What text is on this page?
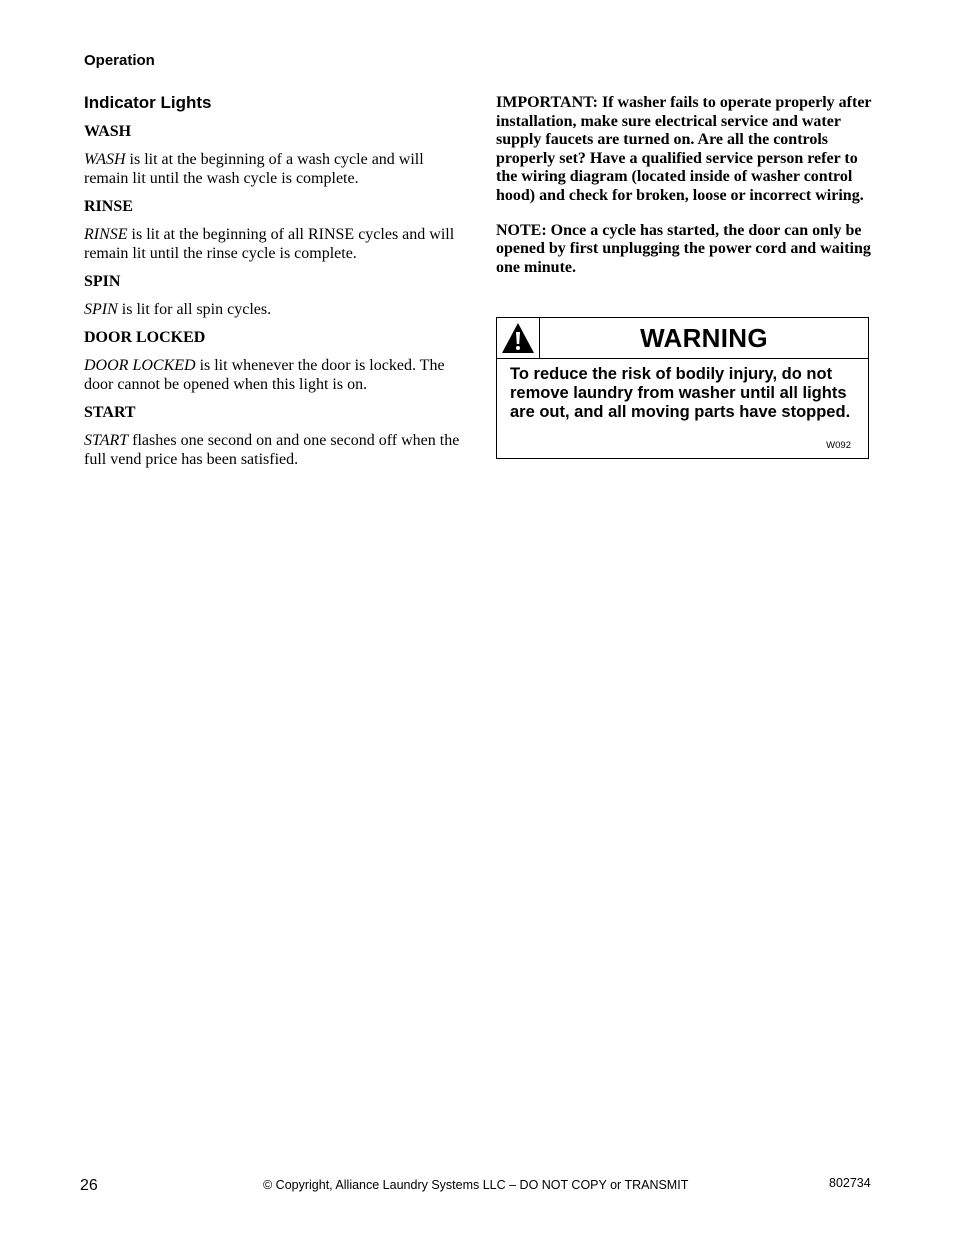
Operation
Indicator Lights
WASH
WASH is lit at the beginning of a wash cycle and will remain lit until the wash cycle is complete.
RINSE
RINSE is lit at the beginning of all RINSE cycles and will remain lit until the rinse cycle is complete.
SPIN
SPIN is lit for all spin cycles.
DOOR LOCKED
DOOR LOCKED is lit whenever the door is locked. The door cannot be opened when this light is on.
START
START flashes one second on and one second off when the full vend price has been satisfied.
IMPORTANT: If washer fails to operate properly after installation, make sure electrical service and water supply faucets are turned on. Are all the controls properly set? Have a qualified service person refer to the wiring diagram (located inside of washer control hood) and check for broken, loose or incorrect wiring.
NOTE: Once a cycle has started, the door can only be opened by first unplugging the power cord and waiting one minute.
WARNING
To reduce the risk of bodily injury, do not remove laundry from washer until all lights are out, and all moving parts have stopped.
W092
26	© Copyright, Alliance Laundry Systems LLC – DO NOT COPY or TRANSMIT	802734
